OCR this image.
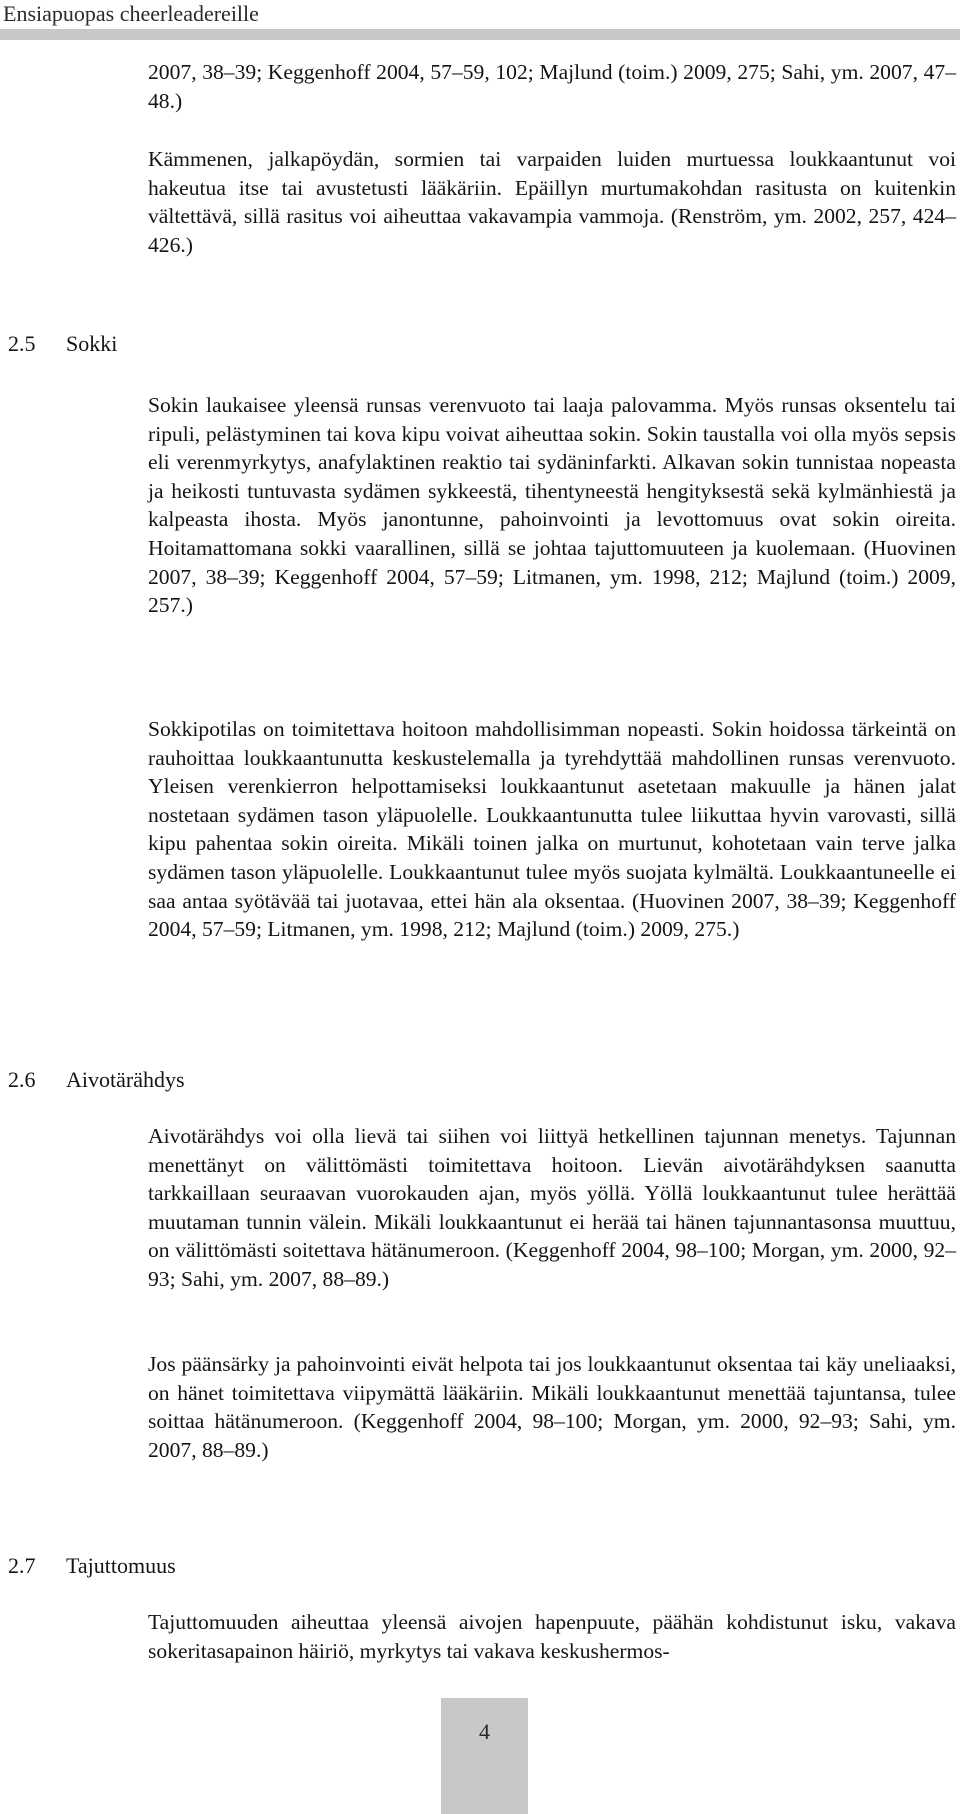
Ensiapuopas cheerleadereille

2007, 38–39; Keggenhoff 2004, 57–59, 102; Majlund (toim.) 2009, 275; Sahi, ym. 2007, 47–48.)

Kämmenen, jalkapöydän, sormien tai varpaiden luiden murtuessa loukkaantunut voi hakeutua itse tai avustetusti lääkäriin. Epäillyn murtumakohdan rasitusta on kuitenkin vältettävä, sillä rasitus voi aiheuttaa vakavampia vammoja. (Renström, ym. 2002, 257, 424–426.)

2.5 Sokki

Sokin laukaisee yleensä runsas verenvuoto tai laaja palovamma. Myös runsas oksentelu tai ripuli, pelästyminen tai kova kipu voivat aiheuttaa sokin. Sokin taustalla voi olla myös sepsis eli verenmyrkytys, anafylaktinen reaktio tai sydäninfarkti. Alkavan sokin tunnistaa nopeasta ja heikosti tuntuvasta sydämen sykkeestä, tihentyneestä hengityksestä sekä kylmänhiestä ja kalpeasta ihosta. Myös janontunne, pahoinvointi ja levottomuus ovat sokin oireita. Hoitamattomana sokki vaarallinen, sillä se johtaa tajuttomuuteen ja kuolemaan. (Huovinen 2007, 38–39; Keggenhoff 2004, 57–59; Litmanen, ym. 1998, 212; Majlund (toim.) 2009, 257.)

Sokkipotilas on toimitettava hoitoon mahdollisimman nopeasti. Sokin hoidossa tärkeintä on rauhoittaa loukkaantunutta keskustelemalla ja tyrehdyttää mahdollinen runsas verenvuoto. Yleisen verenkierron helpottamiseksi loukkaantunut asetetaan makuulle ja hänen jalat nostetaan sydämen tason yläpuolelle. Loukkaantunutta tulee liikuttaa hyvin varovasti, sillä kipu pahentaa sokin oireita. Mikäli toinen jalka on murtunut, kohotetaan vain terve jalka sydämen tason yläpuolelle. Loukkaantunut tulee myös suojata kylmältä. Loukkaantuneelle ei saa antaa syötävää tai juotavaa, ettei hän ala oksentaa. (Huovinen 2007, 38–39; Keggenhoff 2004, 57–59; Litmanen, ym. 1998, 212; Majlund (toim.) 2009, 275.)

2.6 Aivotärähdys

Aivotärähdys voi olla lievä tai siihen voi liittyä hetkellinen tajunnan menetys. Tajunnan menettänyt on välittömästi toimitettava hoitoon. Lievän aivotärähdyksen saanutta tarkkaillaan seuraavan vuorokauden ajan, myös yöllä. Yöllä loukkaantunut tulee herättää muutaman tunnin välein. Mikäli loukkaantunut ei herää tai hänen tajunnantasonsa muuttuu, on välittömästi soitettava hätänumeroon. (Keggenhoff 2004, 98–100; Morgan, ym. 2000, 92–93; Sahi, ym. 2007, 88–89.)

Jos päänsärky ja pahoinvointi eivät helpota tai jos loukkaantunut oksentaa tai käy uneliaaksi, on hänet toimitettava viipymättä lääkäriin. Mikäli loukkaantunut menettää tajuntansa, tulee soittaa hätänumeroon. (Keggenhoff 2004, 98–100; Morgan, ym. 2000, 92–93; Sahi, ym. 2007, 88–89.)

2.7 Tajuttomuus

Tajuttomuuden aiheuttaa yleensä aivojen hapenpuute, päähän kohdistunut isku, vakava sokeritasapainon häiriö, myrkytys tai vakava keskushermos-

4
